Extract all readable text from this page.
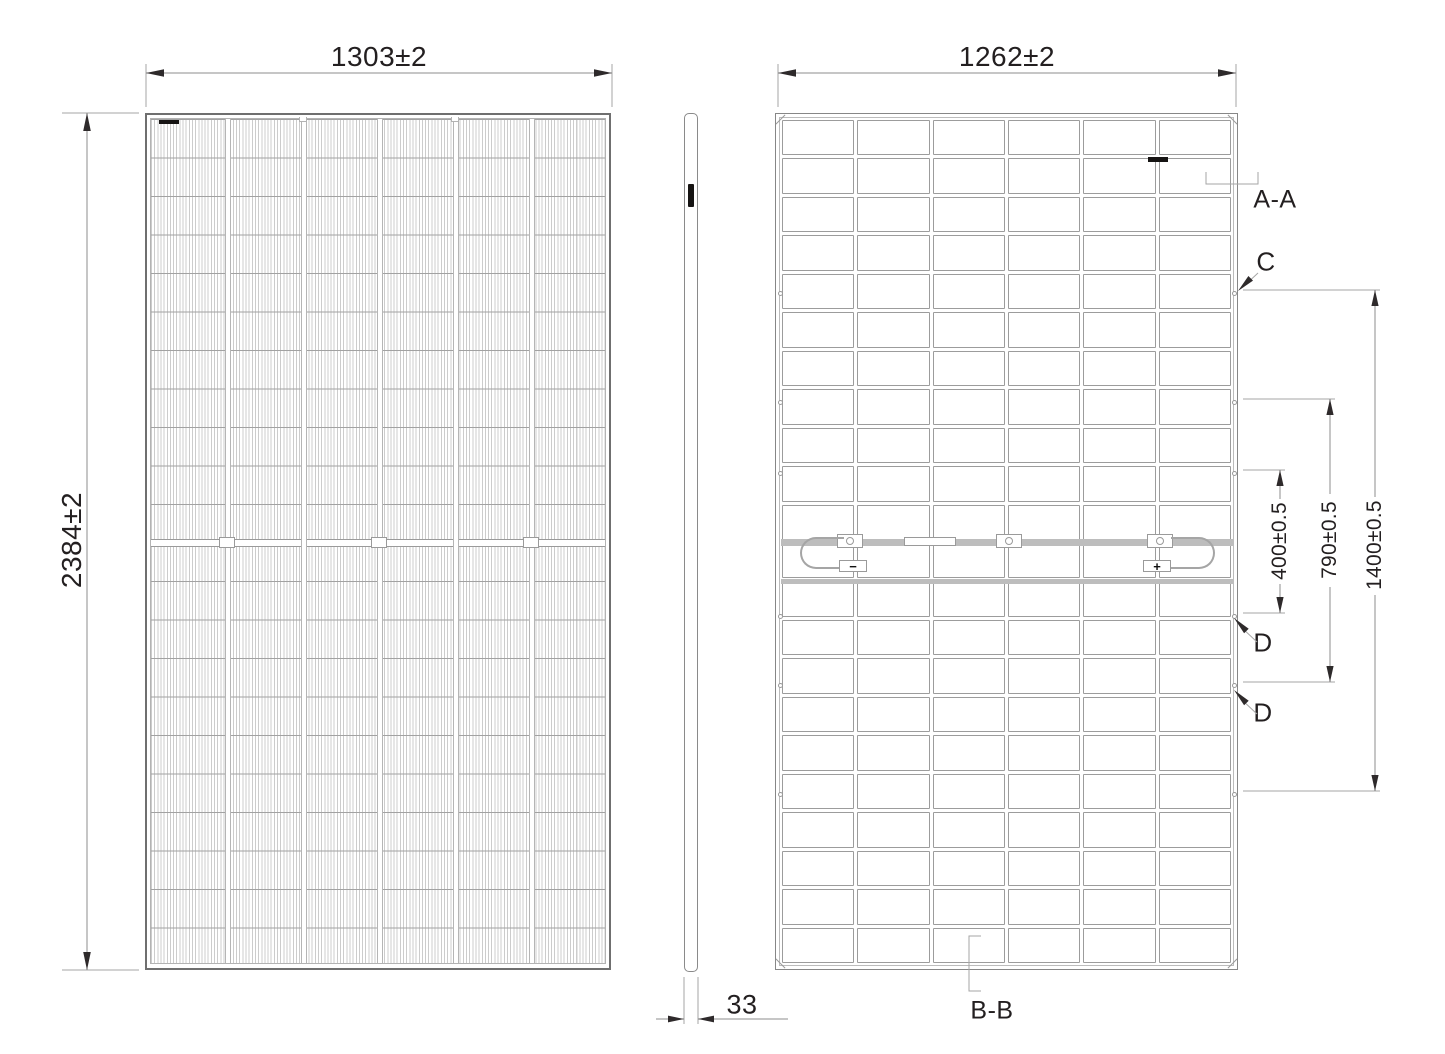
−	+
1303±2
2384±2
1262±2
33
400±0.5 790±0.5 1400±0.5
A-A
C
D
D
B-B
